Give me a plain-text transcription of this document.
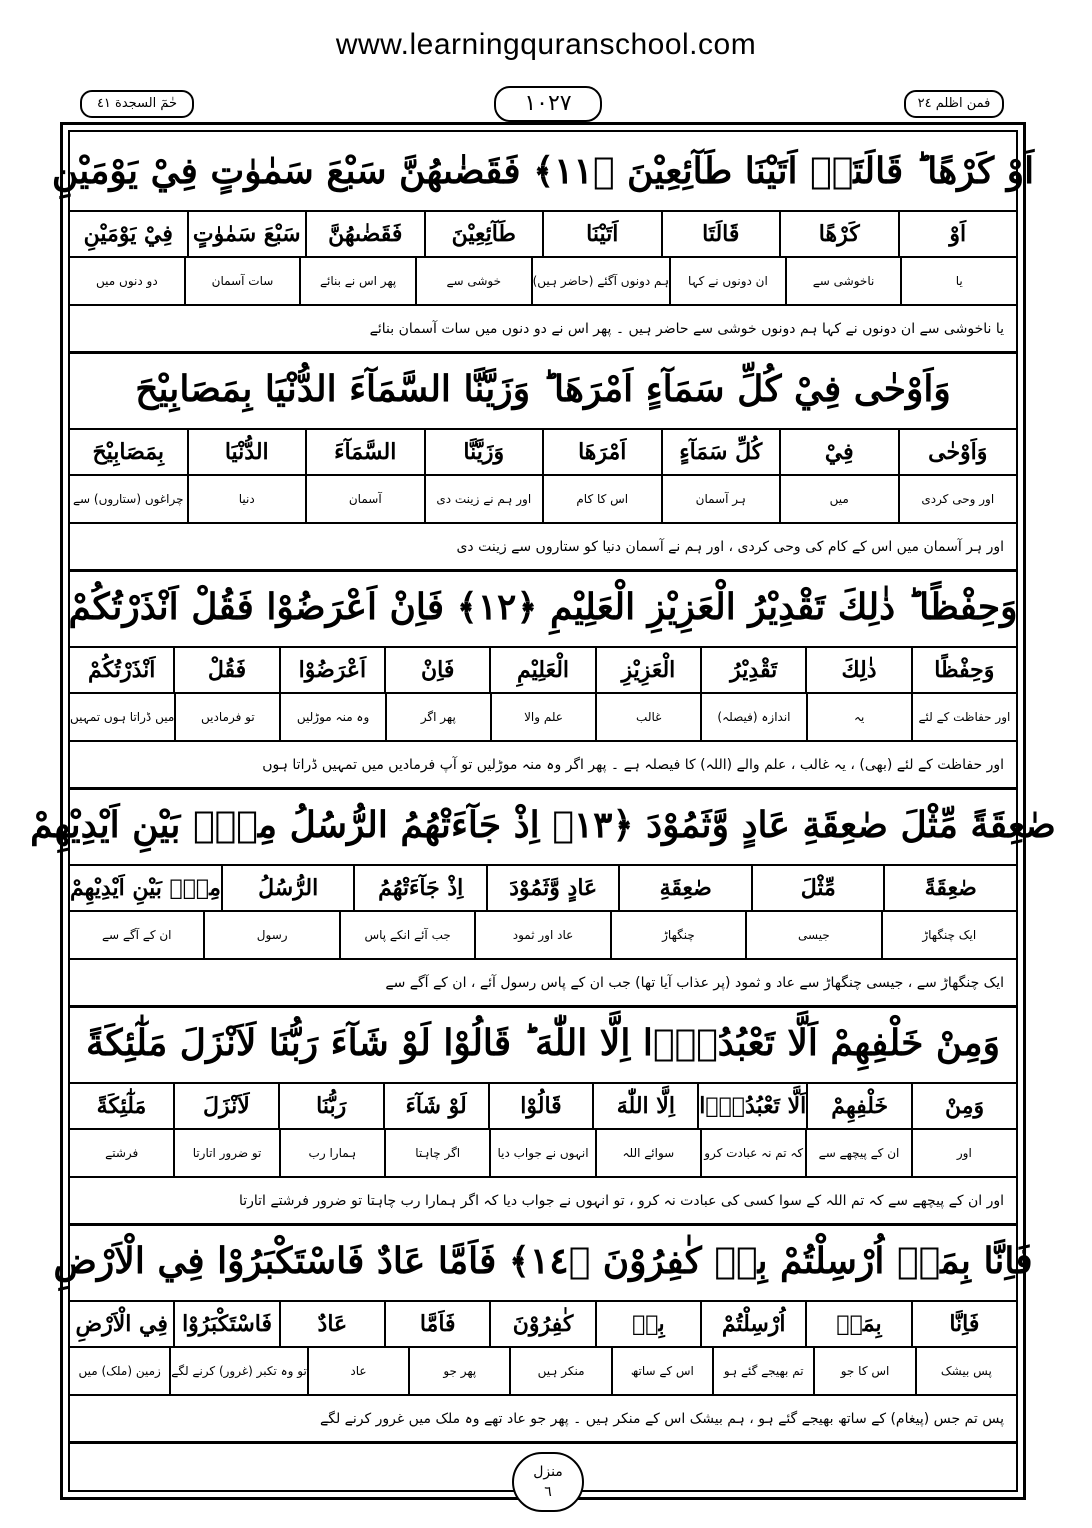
www.learningquranschool.com
حٰمٓ السجدة ٤١	١٠٢٧	فمن اظلم ٢٤
اَوْ كَرْهًا ؕ قَالَتَاۤ اَتَيْنَا طَآئِعِيْنَ ﴿١١﴾ فَقَضٰىهُنَّ سَبْعَ سَمٰوٰتٍ فِيْ يَوْمَيْنِ
اَوْ
كَرْهًا
قَالَتَا
اَتَيْنَا
طَآئِعِيْنَ
فَقَضٰىهُنَّ
سَبْعَ سَمٰوٰتٍ
فِيْ يَوْمَيْنِ
یا
ناخوشی سے
ان دونوں نے کہا
ہم دونوں آگئے (حاضر ہیں)
خوشی سے
پھر اس نے بنائے
سات آسمان
دو دنوں میں
یا ناخوشی سے ان دونوں نے کہا ہم دونوں خوشی سے حاضر ہیں ۔ پھر اس نے دو دنوں میں سات آسمان بنائے
وَاَوْحٰى فِيْ كُلِّ سَمَآءٍ اَمْرَهَا ؕ وَزَيَّنَّا السَّمَآءَ الدُّنْيَا بِمَصَابِيْحَ
وَاَوْحٰى
فِيْ
كُلِّ سَمَآءٍ
اَمْرَهَا
وَزَيَّنَّا
السَّمَآءَ
الدُّنْيَا
بِمَصَابِيْحَ
اور وحی کردی
میں
ہر آسمان
اس کا کام
اور ہم نے زینت دی
آسمان
دنیا
چراغوں (ستاروں) سے
اور ہر آسمان میں اس کے کام کی وحی کردی ، اور ہم نے آسمان دنیا کو ستاروں سے زینت دی
وَحِفْظًا ؕ ذٰلِكَ تَقْدِيْرُ الْعَزِيْزِ الْعَلِيْمِ ﴿١٢﴾ فَاِنْ اَعْرَضُوْا فَقُلْ اَنْذَرْتُكُمْ
وَحِفْظًا
ذٰلِكَ
تَقْدِيْرُ
الْعَزِيْزِ
الْعَلِيْمِ
فَاِنْ
اَعْرَضُوْا
فَقُلْ
اَنْذَرْتُكُمْ
اور حفاظت کے لئے
یہ
اندازہ (فیصلہ)
غالب
علم والا
پھر اگر
وہ منہ موڑلیں
تو فرمادیں
میں ڈراتا ہوں تمہیں
اور حفاظت کے لئے (بھی) ، یہ غالب ، علم والے (اللہ) کا فیصلہ ہے ۔ پھر اگر وہ منہ موڑلیں تو آپ فرمادیں میں تمہیں ڈراتا ہوں
صٰعِقَةً مِّثْلَ صٰعِقَةِ عَادٍ وَّثَمُوْدَ ﴿١٣﴾ اِذْ جَآءَتْهُمُ الرُّسُلُ مِنْۢ بَيْنِ اَيْدِيْهِمْ
صٰعِقَةً
مِّثْلَ
صٰعِقَةِ
عَادٍ وَّثَمُوْدَ
اِذْ جَآءَتْهُمُ
الرُّسُلُ
مِنْۢ بَيْنِ اَيْدِيْهِمْ
ایک چنگھاڑ
جیسی
چنگھاڑ
عاد اور ثمود
جب آئے انکے پاس
رسول
ان کے آگے سے
ایک چنگھاڑ سے ، جیسی چنگھاڑ سے عاد و ثمود (پر عذاب آیا تھا) جب ان کے پاس رسول آئے ، ان کے آگے سے
وَمِنْ خَلْفِهِمْ اَلَّا تَعْبُدُوْۤا اِلَّا اللّٰهَ ؕ قَالُوْا لَوْ شَآءَ رَبُّنَا لَاَنْزَلَ مَلٰٓئِكَةً
وَمِنْ
خَلْفِهِمْ
اَلَّا تَعْبُدُوْۤا
اِلَّا اللّٰهَ
قَالُوْا
لَوْ شَآءَ
رَبُّنَا
لَاَنْزَلَ
مَلٰٓئِكَةً
اور
ان کے پیچھے سے
کہ تم نہ عبادت کرو
سوائے اللہ
انہوں نے جواب دیا
اگر چاہتا
ہمارا رب
تو ضرور اتارتا
فرشتے
اور ان کے پیچھے سے کہ تم اللہ کے سوا کسی کی عبادت نہ کرو ، تو انہوں نے جواب دیا کہ اگر ہمارا رب چاہتا تو ضرور فرشتے اتارتا
فَاِنَّا بِمَاۤ اُرْسِلْتُمْ بِهٖ كٰفِرُوْنَ ﴿١٤﴾ فَاَمَّا عَادٌ فَاسْتَكْبَرُوْا فِي الْاَرْضِ
فَاِنَّا
بِمَاۤ
اُرْسِلْتُمْ
بِهٖ
كٰفِرُوْنَ
فَاَمَّا
عَادٌ
فَاسْتَكْبَرُوْا
فِي الْاَرْضِ
پس بیشک
اس کا جو
تم بھیجے گئے ہو
اس کے ساتھ
منکر ہیں
پھر جو
عاد
تو وہ تکبر (غرور) کرنے لگے
زمین (ملک) میں
پس تم جس (پیغام) کے ساتھ بھیجے گئے ہو ، ہم بیشک اس کے منکر ہیں ۔ پھر جو عاد تھے وہ ملک میں غرور کرنے لگے
منزل
٦
